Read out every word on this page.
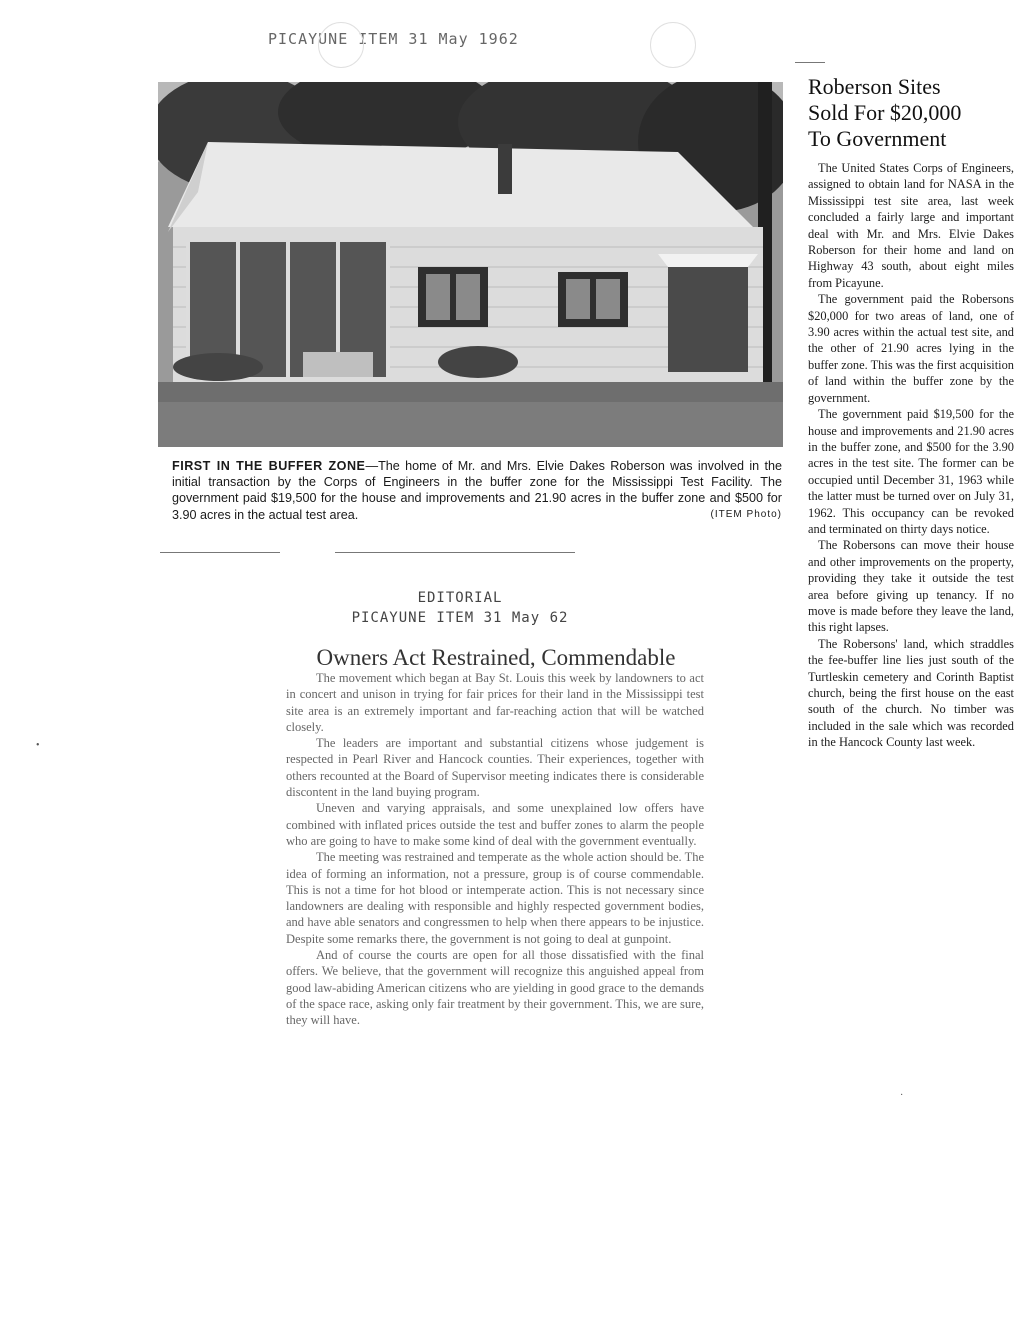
PICAYUNE ITEM 31 May 1962
FIRST IN THE BUFFER ZONE—The home of Mr. and Mrs. Elvie Dakes Roberson was involved in the initial transaction by the Corps of Engineers in the buffer zone for the Mississippi Test Facility. The government paid $19,500 for the house and improvements and 21.90 acres in the buffer zone and $500 for 3.90 acres in the actual test area.	(ITEM Photo)
EDITORIAL
PICAYUNE ITEM 31 May 62
Owners Act Restrained, Commendable

The movement which began at Bay St. Louis this week by landowners to act in concert and unison in trying for fair prices for their land in the Mississippi test site area is an extremely important and far-reaching action that will be watched closely.

The leaders are important and substantial citizens whose judgement is respected in Pearl River and Hancock counties. Their experiences, together with others recounted at the Board of Supervisor meeting indicates there is considerable discontent in the land buying program.

Uneven and varying appraisals, and some unexplained low offers have combined with inflated prices outside the test and buffer zones to alarm the people who are going to have to make some kind of deal with the government eventually.

The meeting was restrained and temperate as the whole action should be. The idea of forming an information, not a pressure, group is of course commendable. This is not a time for hot blood or intemperate action. This is not necessary since landowners are dealing with responsible and highly respected government bodies, and have able senators and congressmen to help when there appears to be injustice. Despite some remarks there, the government is not going to deal at gunpoint.

And of course the courts are open for all those dissatisfied with the final offers. We believe, that the government will recognize this anguished appeal from good law-abiding American citizens who are yielding in good grace to the demands of the space race, asking only fair treatment by their government. This, we are sure, they will have.

Roberson Sites
Sold For $20,000
To Government

The United States Corps of Engineers, assigned to obtain land for NASA in the Mississippi test site area, last week concluded a fairly large and important deal with Mr. and Mrs. Elvie Dakes Roberson for their home and land on Highway 43 south, about eight miles from Picayune.

The government paid the Robersons $20,000 for two areas of land, one of 3.90 acres within the actual test site, and the other of 21.90 acres lying in the buffer zone. This was the first acquisition of land within the buffer zone by the government.

The government paid $19,500 for the house and improvements and 21.90 acres in the buffer zone, and $500 for the 3.90 acres in the test site. The former can be occupied until December 31, 1963 while the latter must be turned over on July 31, 1962. This occupancy can be revoked and terminated on thirty days notice.

The Robersons can move their house and other improvements on the property, providing they take it outside the test area before giving up tenancy. If no move is made before they leave the land, this right lapses.

The Robersons' land, which straddles the fee-buffer line lies just south of the Turtleskin cemetery and Corinth Baptist church, being the first house on the east south of the church. No timber was included in the sale which was recorded in the Hancock County last week.

•
·
